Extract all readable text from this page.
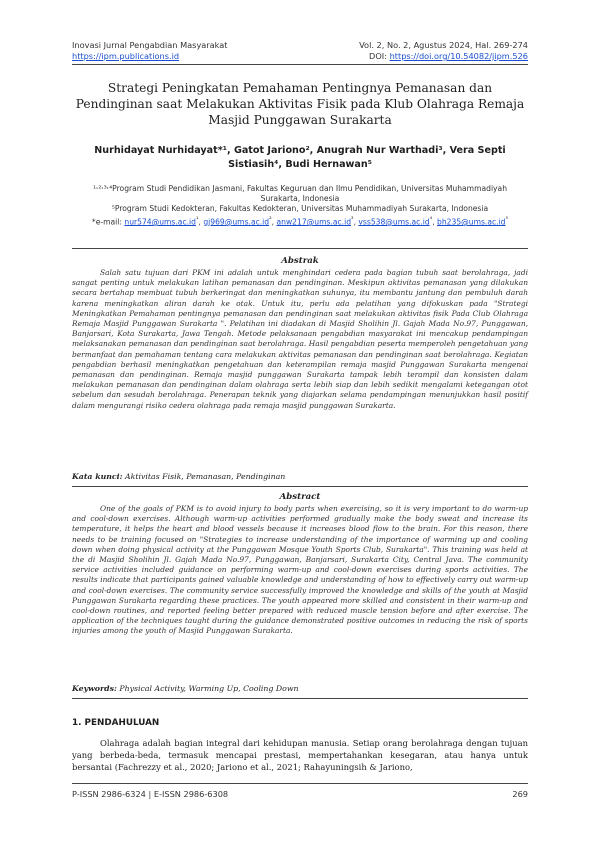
Inovasi Jurnal Pengabdian Masyarakat	Vol. 2, No. 2, Agustus 2024, Hal. 269-274
https://ipm.publications.id	DOI: https://doi.org/10.54082/jipm.526
Strategi Peningkatan Pemahaman Pentingnya Pemanasan dan Pendinginan saat Melakukan Aktivitas Fisik pada Klub Olahraga Remaja Masjid Punggawan Surakarta
Nurhidayat Nurhidayat*¹, Gatot Jariono², Anugrah Nur Warthadi³, Vera Septi Sistiasih⁴, Budi Hernawan⁵
¹˒²˒³˒⁴Program Studi Pendidikan Jasmani, Fakultas Keguruan dan Ilmu Pendidikan, Universitas Muhammadiyah Surakarta, Indonesia
⁵Program Studi Kedokteran, Fakultas Kedokteran, Universitas Muhammadiyah Surakarta, Indonesia
*e-mail: $nur574@ums.ac.id^{^1}$, $gj969@ums.ac.id^{^2}$, $anw217@ums.ac.id^{^3}$, $vss538@ums.ac.id^{^4}$, $bh235@ums.ac.id^{^5}$
Abstrak
Salah satu tujuan dari PKM ini adalah untuk menghindari cedera pada bagian tubuh saat berolahraga, jadi sangat penting untuk melakukan latihan pemanasan dan pendinginan. Meskipun aktivitas pemanasan yang dilakukan secara bertahap membuat tubuh berkeringat dan meningkatkan suhunya, itu membantu jantung dan pembuluh darah karena meningkatkan aliran darah ke otak. Untuk itu, perlu ada pelatihan yang difokuskan pada "Strategi Meningkatkan Pemahaman pentingnya pemanasan dan pendinginan saat melakukan aktivitas fisik Pada Club Olahraga Remaja Masjid Punggawan Surakarta ". Pelatihan ini diadakan di Masjid Sholihin Jl. Gajah Mada No.97, Punggawan, Banjarsari, Kota Surakarta, Jawa Tengah. Metode pelaksanaan pengabdian masyarakat ini mencakup pendampingan melaksanakan pemanasan dan pendinginan saat berolahraga. Hasil pengabdian peserta memperoleh pengetahuan yang bermanfaat dan pemahaman tentang cara melakukan aktivitas pemanasan dan pendinginan saat berolahraga. Kegiatan pengabdian berhasil meningkatkan pengetahuan dan keterampilan remaja masjid Punggawan Surakarta mengenai pemanasan dan pendinginan. Remaja masjid punggawan Surakarta tampak lebih terampil dan konsisten dalam melakukan pemanasan dan pendinginan dalam olahraga serta lebih siap dan lebih sedikit mengalami ketegangan otot sebelum dan sesudah berolahraga. Penerapan teknik yang diajarkan selama pendampingan menunjukkan hasil positif dalam mengurangi risiko cedera olahraga pada remaja masjid punggawan Surakarta.
Kata kunci: Aktivitas Fisik, Pemanasan, Pendinginan
Abstract
One of the goals of PKM is to avoid injury to body parts when exercising, so it is very important to do warm-up and cool-down exercises. Although warm-up activities performed gradually make the body sweat and increase its temperature, it helps the heart and blood vessels because it increases blood flow to the brain. For this reason, there needs to be training focused on "Strategies to increase understanding of the importance of warming up and cooling down when doing physical activity at the Punggawan Mosque Youth Sports Club, Surakarta". This training was held at the di Masjid Sholihin Jl. Gajah Mada No.97, Punggawan, Banjarsari, Surakarta City, Central Java. The community service activities included guidance on performing warm-up and cool-down exercises during sports activities. The results indicate that participants gained valuable knowledge and understanding of how to effectively carry out warm-up and cool-down exercises. The community service successfully improved the knowledge and skills of the youth at Masjid Punggawan Surakarta regarding these practices. The youth appeared more skilled and consistent in their warm-up and cool-down routines, and reported feeling better prepared with reduced muscle tension before and after exercise. The application of the techniques taught during the guidance demonstrated positive outcomes in reducing the risk of sports injuries among the youth of Masjid Punggawan Surakarta.
Keywords: Physical Activity, Warming Up, Cooling Down
1. PENDAHULUAN
Olahraga adalah bagian integral dari kehidupan manusia. Setiap orang berolahraga dengan tujuan yang berbeda-beda, termasuk mencapai prestasi, mempertahankan kesegaran, atau hanya untuk bersantai (Fachrezzy et al., 2020; Jariono et al., 2021; Rahayuningsih & Jariono,
P-ISSN 2986-6324 | E-ISSN 2986-6308	269
